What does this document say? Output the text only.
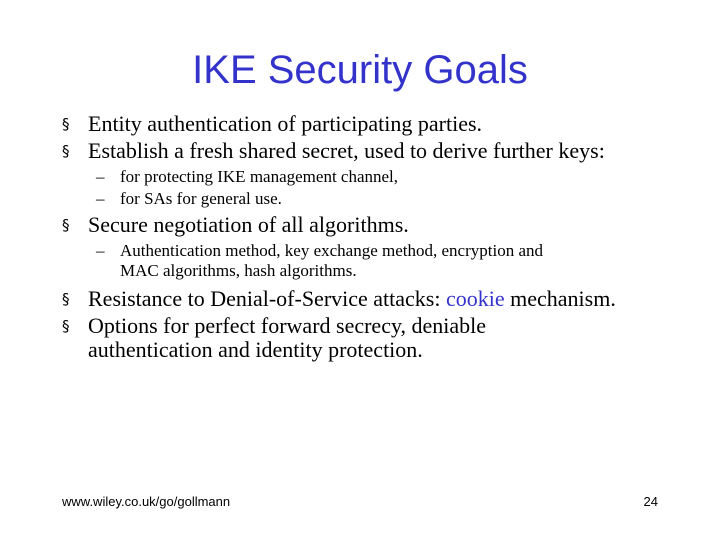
IKE Security Goals
§ Entity authentication of participating parties.
§ Establish a fresh shared secret, used to derive further keys:
– for protecting IKE management channel,
– for SAs for general use.
§ Secure negotiation of all algorithms.
– Authentication method, key exchange method, encryption and
MAC algorithms, hash algorithms.
§ Resistance to Denial-of-Service attacks: cookie mechanism.
§ Options for perfect forward secrecy, deniable
authentication and identity protection.
www.wiley.co.uk/go/gollmann	24
